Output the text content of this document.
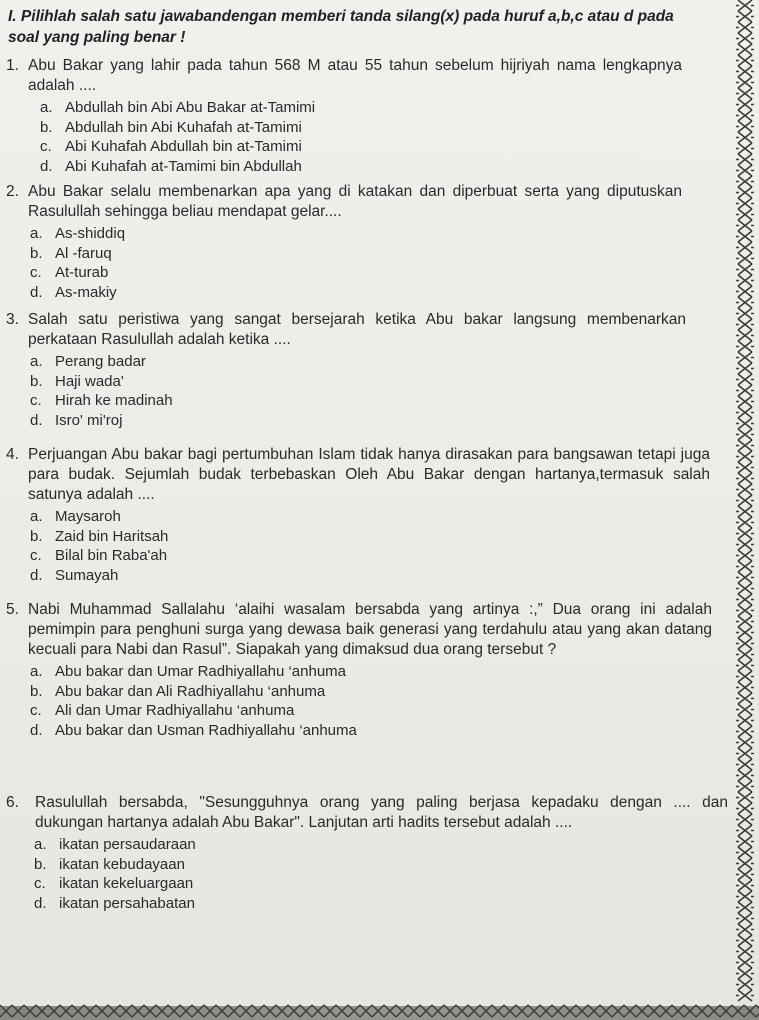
I. Pilihlah salah satu jawabandengan memberi tanda silang(x) pada huruf a,b,c atau d pada soal yang paling benar !
1. Abu Bakar yang lahir pada tahun 568 M atau 55 tahun sebelum hijriyah nama lengkapnya adalah ....
a. Abdullah bin Abi Abu Bakar at-Tamimi
b. Abdullah bin Abi Kuhafah at-Tamimi
c. Abi Kuhafah Abdullah bin at-Tamimi
d. Abi Kuhafah at-Tamimi bin Abdullah
2. Abu Bakar selalu membenarkan apa yang di katakan dan diperbuat serta yang diputuskan Rasulullah sehingga beliau mendapat gelar....
a. As-shiddiq
b. Al -faruq
c. At-turab
d. As-makiy
3. Salah satu peristiwa yang sangat bersejarah ketika Abu bakar langsung membenarkan perkataan Rasulullah adalah ketika ....
a. Perang badar
b. Haji wada'
c. Hirah ke madinah
d. Isro' mi'roj
4. Perjuangan Abu bakar bagi pertumbuhan Islam tidak hanya dirasakan para bangsawan tetapi juga para budak. Sejumlah budak terbebaskan Oleh Abu Bakar dengan hartanya,termasuk salah satunya adalah ....
a. Maysaroh
b. Zaid bin Haritsah
c. Bilal bin Raba'ah
d. Sumayah
5. Nabi Muhammad Sallalahu ‘alaihi wasalam bersabda yang artinya :,” Dua orang ini adalah pemimpin para penghuni surga yang dewasa baik generasi yang terdahulu atau yang akan datang kecuali para Nabi dan Rasul”. Siapakah yang dimaksud dua orang tersebut ?
a. Abu bakar dan Umar Radhiyallahu ‘anhuma
b. Abu bakar dan Ali Radhiyallahu ‘anhuma
c. Ali dan Umar Radhiyallahu ‘anhuma
d. Abu bakar dan Usman Radhiyallahu ‘anhuma
6.	Rasulullah bersabda, "Sesungguhnya orang yang paling berjasa kepadaku dengan .... dan dukungan hartanya adalah Abu Bakar". Lanjutan arti hadits tersebut adalah ....
a. ikatan persaudaraan
b. ikatan kebudayaan
c. ikatan kekeluargaan
d. ikatan persahabatan
